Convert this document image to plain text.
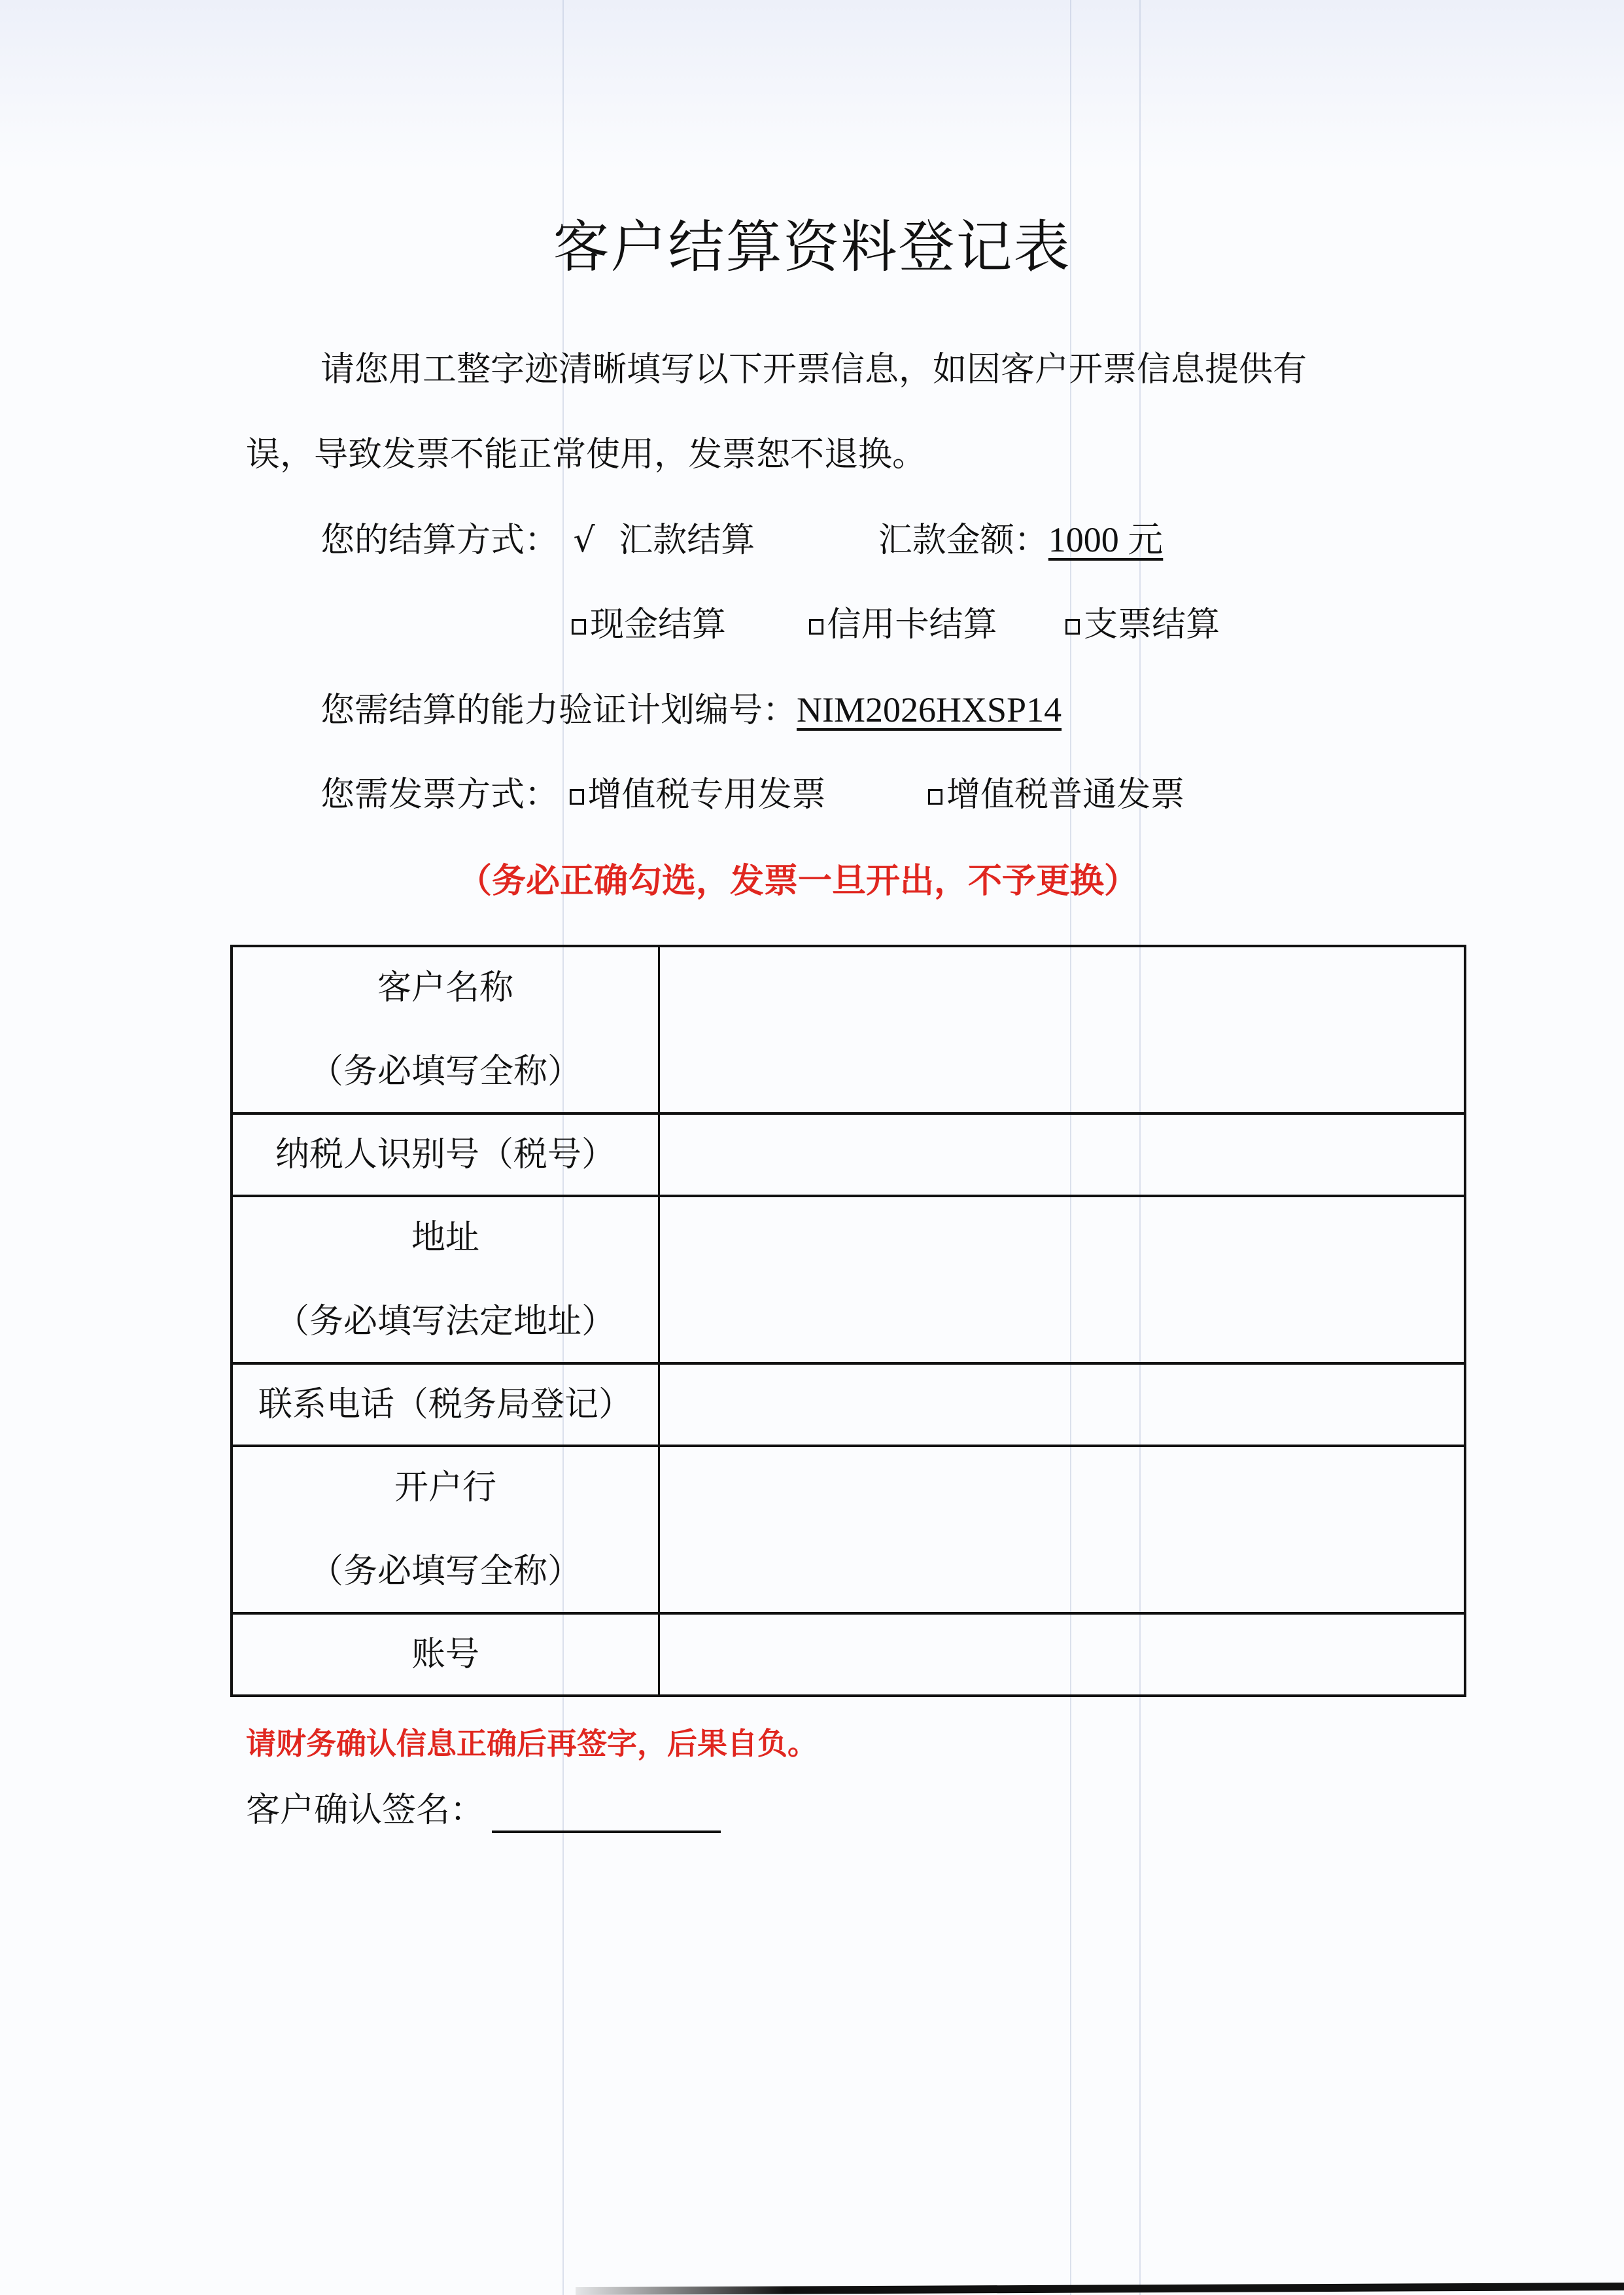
客户结算资料登记表
请您用工整字迹清晰填写以下开票信息，如因客户开票信息提供有
误，导致发票不能正常使用，发票恕不退换。
您的结算方式： √ 汇款结算	汇款金额：1000 元
现金结算	信用卡结算	支票结算
您需结算的能力验证计划编号：NIM2026HXSP14
您需发票方式： 增值税专用发票	增值税普通发票
（务必正确勾选，发票一旦开出，不予更换）
客户名称
（务必填写全称）	

纳税人识别号（税号）	
地址
（务必填写法定地址）	

联系电话（税务局登记）	
开户行
（务必填写全称）	

账号	
请财务确认信息正确后再签字，后果自负。
客户确认签名：
